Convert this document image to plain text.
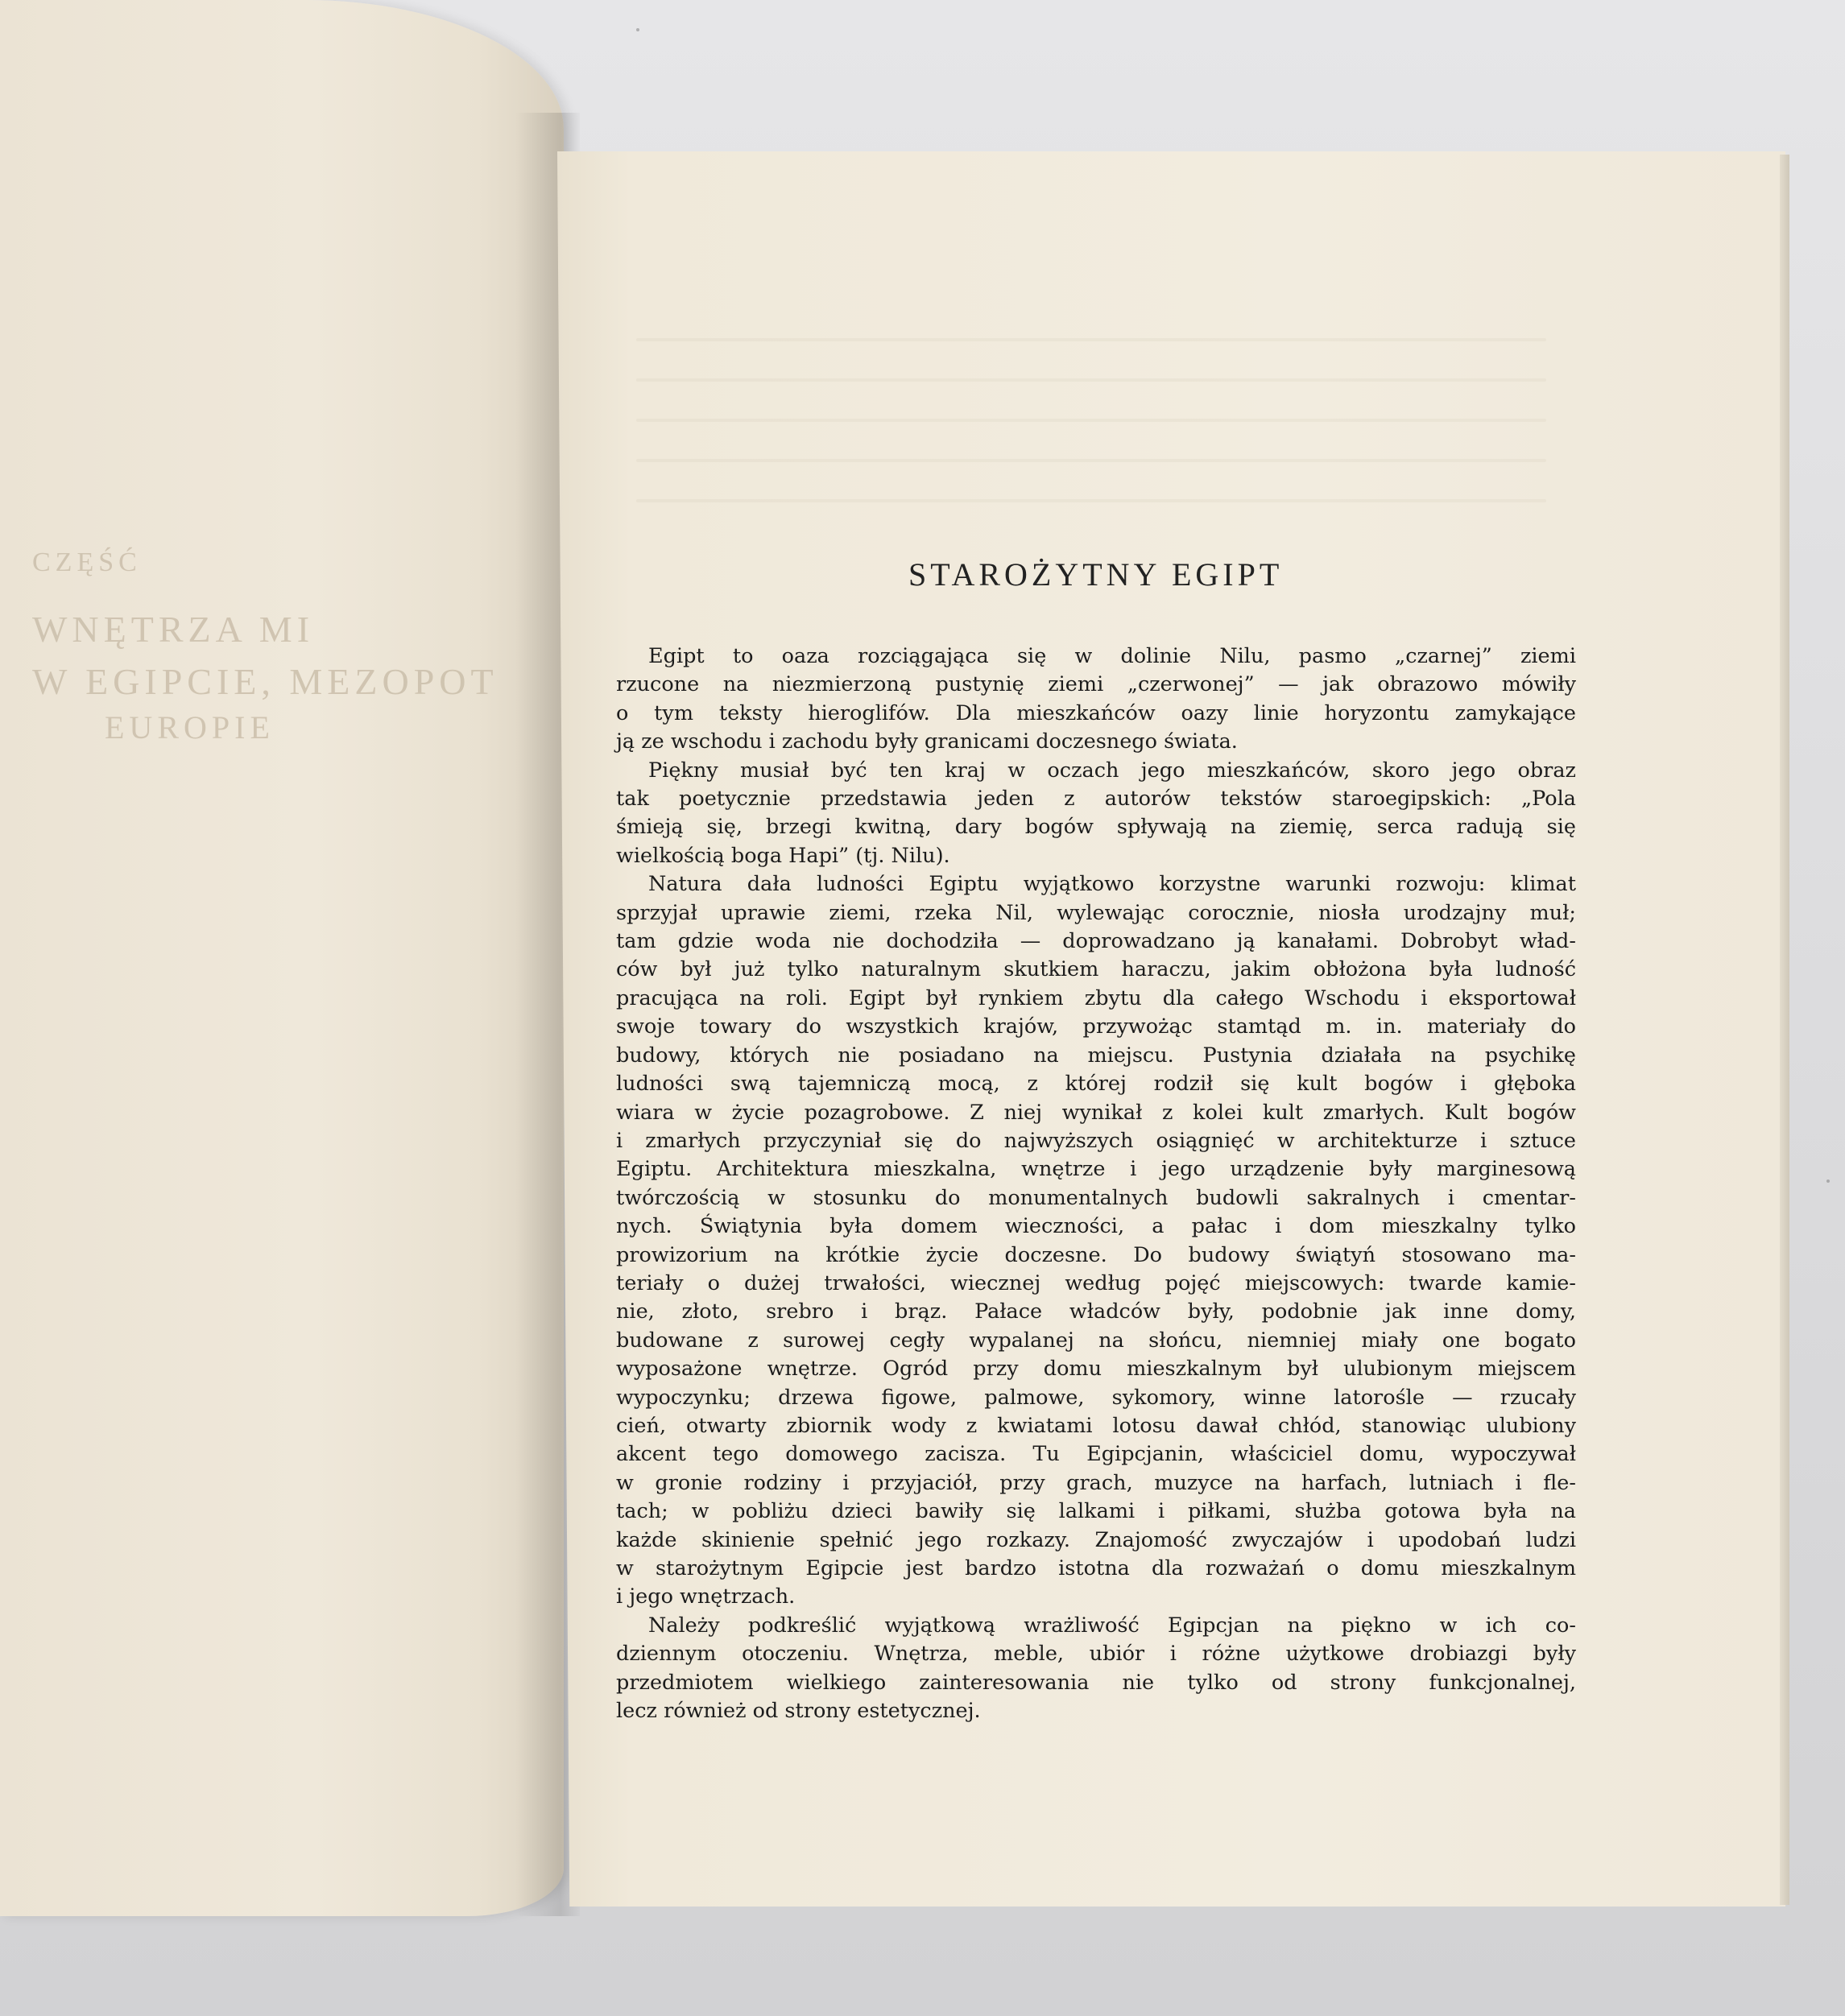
CZĘŚĆ
WNĘTRZA MI
W EGIPCIE, MEZOPOT
EUROPIE
STAROŻYTNY EGIPT
Egipt to oaza rozciągająca się w dolinie Nilu, pasmo „czarnej” ziemi
rzucone na niezmierzoną pustynię ziemi „czerwonej” — jak obrazowo mówiły
o tym teksty hieroglifów. Dla mieszkańców oazy linie horyzontu zamykające
ją ze wschodu i zachodu były granicami doczesnego świata.
Piękny musiał być ten kraj w oczach jego mieszkańców, skoro jego obraz
tak poetycznie przedstawia jeden z autorów tekstów staroegipskich: „Pola
śmieją się, brzegi kwitną, dary bogów spływają na ziemię, serca radują się
wielkością boga Hapi” (tj. Nilu).
Natura dała ludności Egiptu wyjątkowo korzystne warunki rozwoju: klimat
sprzyjał uprawie ziemi, rzeka Nil, wylewając corocznie, niosła urodzajny muł;
tam gdzie woda nie dochodziła — doprowadzano ją kanałami. Dobrobyt wład-
ców był już tylko naturalnym skutkiem haraczu, jakim obłożona była ludność
pracująca na roli. Egipt był rynkiem zbytu dla całego Wschodu i eksportował
swoje towary do wszystkich krajów, przywożąc stamtąd m. in. materiały do
budowy, których nie posiadano na miejscu. Pustynia działała na psychikę
ludności swą tajemniczą mocą, z której rodził się kult bogów i głęboka
wiara w życie pozagrobowe. Z niej wynikał z kolei kult zmarłych. Kult bogów
i zmarłych przyczyniał się do najwyższych osiągnięć w architekturze i sztuce
Egiptu. Architektura mieszkalna, wnętrze i jego urządzenie były marginesową
twórczością w stosunku do monumentalnych budowli sakralnych i cmentar-
nych. Świątynia była domem wieczności, a pałac i dom mieszkalny tylko
prowizorium na krótkie życie doczesne. Do budowy świątyń stosowano ma-
teriały o dużej trwałości, wiecznej według pojęć miejscowych: twarde kamie-
nie, złoto, srebro i brąz. Pałace władców były, podobnie jak inne domy,
budowane z surowej cegły wypalanej na słońcu, niemniej miały one bogato
wyposażone wnętrze. Ogród przy domu mieszkalnym był ulubionym miejscem
wypoczynku; drzewa figowe, palmowe, sykomory, winne latorośle — rzucały
cień, otwarty zbiornik wody z kwiatami lotosu dawał chłód, stanowiąc ulubiony
akcent tego domowego zacisza. Tu Egipcjanin, właściciel domu, wypoczywał
w gronie rodziny i przyjaciół, przy grach, muzyce na harfach, lutniach i fle-
tach; w pobliżu dzieci bawiły się lalkami i piłkami, służba gotowa była na
każde skinienie spełnić jego rozkazy. Znajomość zwyczajów i upodobań ludzi
w starożytnym Egipcie jest bardzo istotna dla rozważań o domu mieszkalnym
i jego wnętrzach.
Należy podkreślić wyjątkową wrażliwość Egipcjan na piękno w ich co-
dziennym otoczeniu. Wnętrza, meble, ubiór i różne użytkowe drobiazgi były
przedmiotem wielkiego zainteresowania nie tylko od strony funkcjonalnej,
lecz również od strony estetycznej.
